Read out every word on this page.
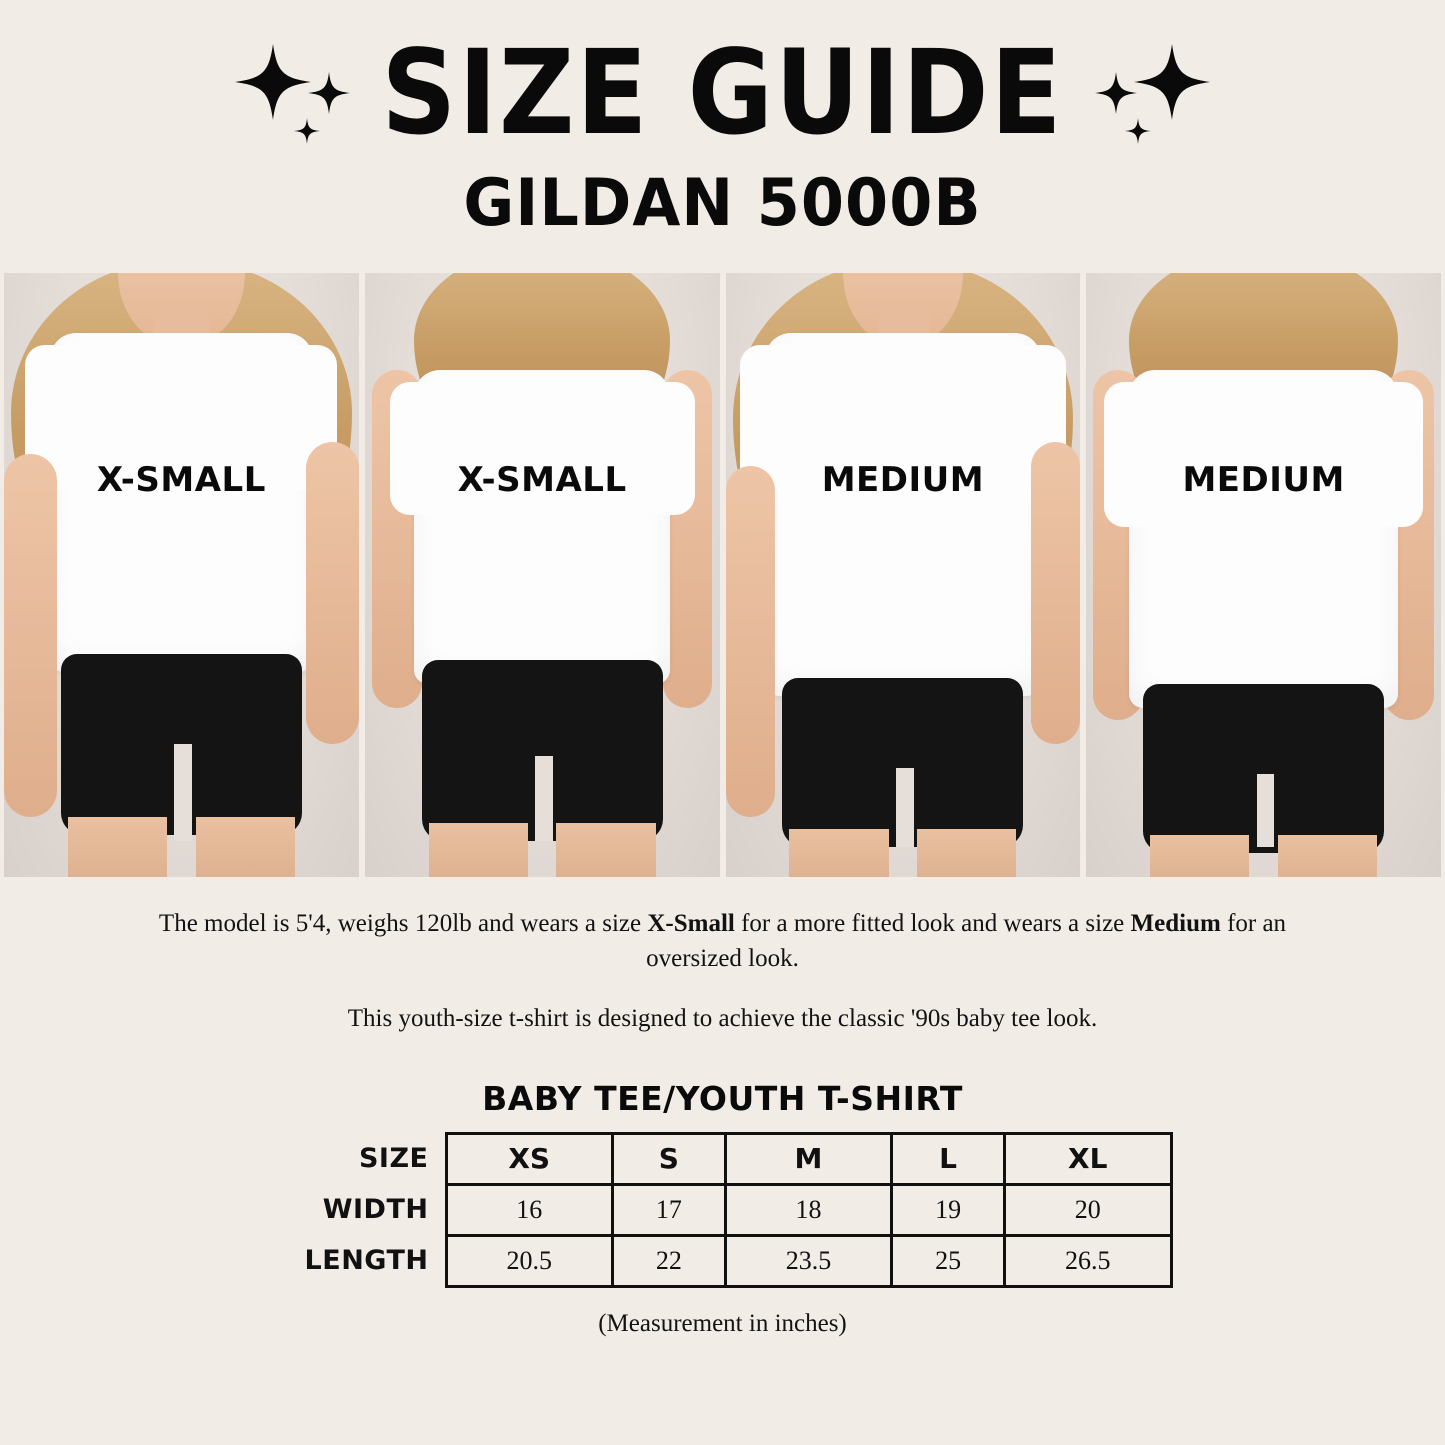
SIZE GUIDE
GILDAN 5000B
X-SMALL	X-SMALL	MEDIUM	MEDIUM
The model is 5'4, weighs 120lb and wears a size X-Small for a more fitted look and wears a size Medium for an oversized look.
This youth-size t-shirt is designed to achieve the classic '90s baby tee look.
BABY TEE/YOUTH T-SHIRT
SIZE	XS	S	M	L	XL
WIDTH	16	17	18	19	20
LENGTH	20.5	22	23.5	25	26.5
(Measurement in inches)
